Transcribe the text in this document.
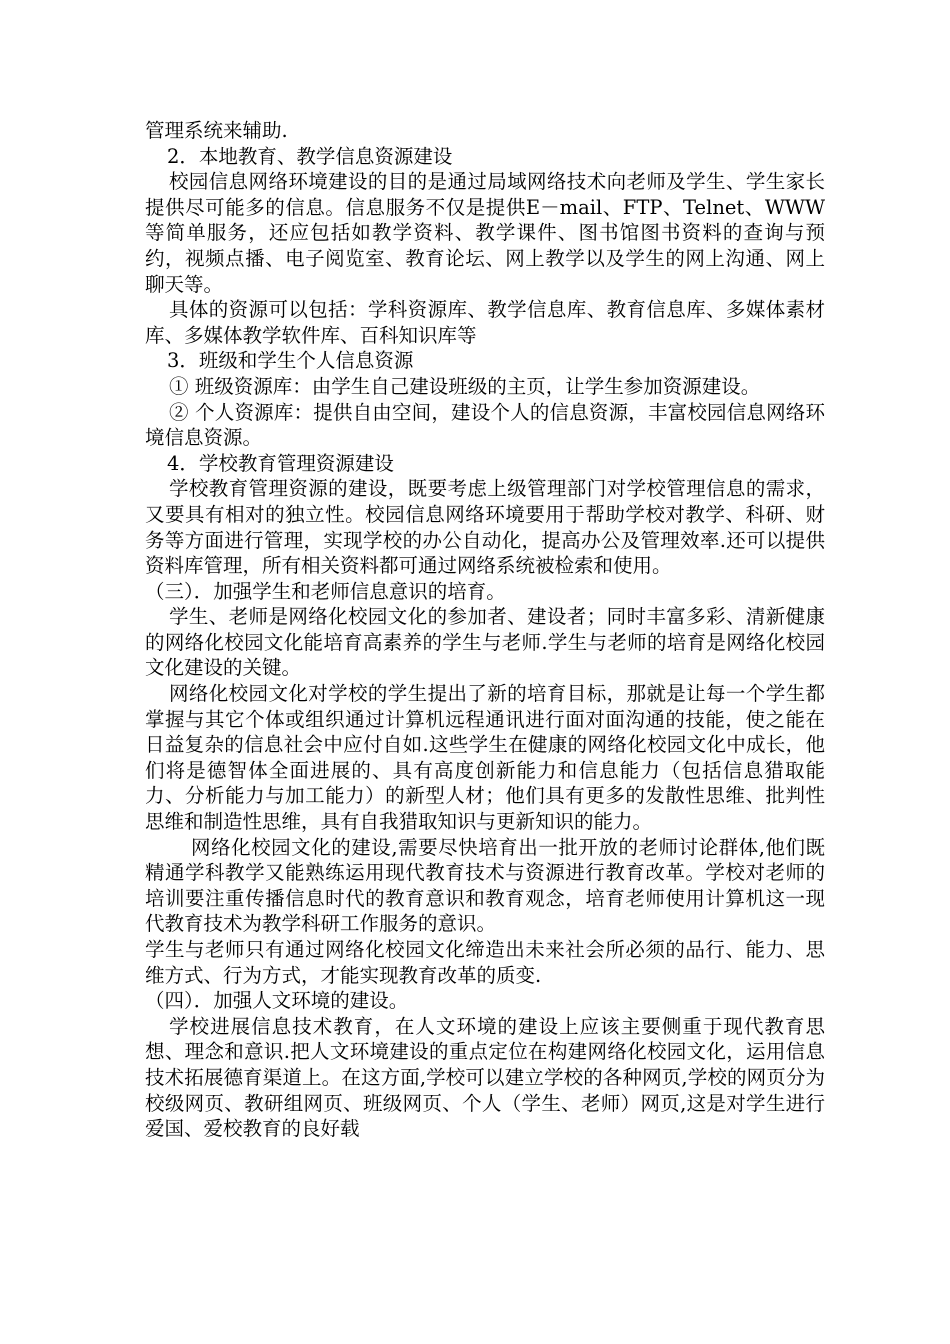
管理系统来辅助.

2．本地教育、教学信息资源建设

校园信息网络环境建设的目的是通过局域网络技术向老师及学生、学生家长提供尽可能多的信息。信息服务不仅是提供E－mail、FTP、Telnet、WWW等简单服务，还应包括如教学资料、教学课件、图书馆图书资料的查询与预约，视频点播、电子阅览室、教育论坛、网上教学以及学生的网上沟通、网上聊天等。

具体的资源可以包括：学科资源库、教学信息库、教育信息库、多媒体素材库、多媒体教学软件库、百科知识库等

3．班级和学生个人信息资源

① 班级资源库：由学生自己建设班级的主页，让学生参加资源建设。

② 个人资源库：提供自由空间，建设个人的信息资源，丰富校园信息网络环境信息资源。

4．学校教育管理资源建设

学校教育管理资源的建设，既要考虑上级管理部门对学校管理信息的需求，又要具有相对的独立性。校园信息网络环境要用于帮助学校对教学、科研、财务等方面进行管理，实现学校的办公自动化，提高办公及管理效率.还可以提供资料库管理，所有相关资料都可通过网络系统被检索和使用。

（三）．加强学生和老师信息意识的培育。

学生、老师是网络化校园文化的参加者、建设者；同时丰富多彩、清新健康的网络化校园文化能培育高素养的学生与老师.学生与老师的培育是网络化校园文化建设的关键。

网络化校园文化对学校的学生提出了新的培育目标，那就是让每一个学生都掌握与其它个体或组织通过计算机远程通讯进行面对面沟通的技能，使之能在日益复杂的信息社会中应付自如.这些学生在健康的网络化校园文化中成长，他们将是德智体全面进展的、具有高度创新能力和信息能力（包括信息猎取能力、分析能力与加工能力）的新型人材；他们具有更多的发散性思维、批判性思维和制造性思维，具有自我猎取知识与更新知识的能力。

网络化校园文化的建设,需要尽快培育出一批开放的老师讨论群体,他们既精通学科教学又能熟练运用现代教育技术与资源进行教育改革。学校对老师的培训要注重传播信息时代的教育意识和教育观念，培育老师使用计算机这一现代教育技术为教学科研工作服务的意识。

学生与老师只有通过网络化校园文化缔造出未来社会所必须的品行、能力、思维方式、行为方式，才能实现教育改革的质变.

（四）．加强人文环境的建设。

学校进展信息技术教育，在人文环境的建设上应该主要侧重于现代教育思想、理念和意识.把人文环境建设的重点定位在构建网络化校园文化，运用信息技术拓展德育渠道上。在这方面,学校可以建立学校的各种网页,学校的网页分为校级网页、教研组网页、班级网页、个人（学生、老师）网页,这是对学生进行爱国、爱校教育的良好载
